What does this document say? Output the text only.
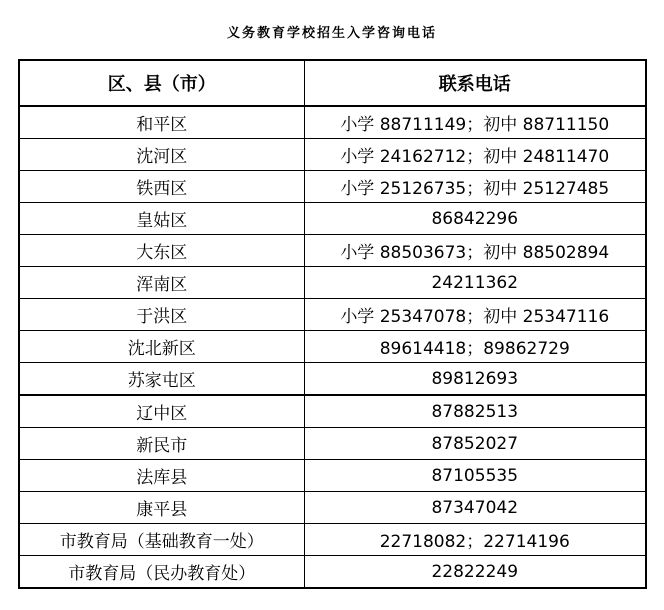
义务教育学校招生入学咨询电话
区、县（市）	联系电话
和平区	小学 88711149；初中 88711150
沈河区	小学 24162712；初中 24811470
铁西区	小学 25126735；初中 25127485
皇姑区	86842296
大东区	小学 88503673；初中 88502894
浑南区	24211362
于洪区	小学 25347078；初中 25347116
沈北新区	89614418；89862729
苏家屯区	89812693
辽中区	87882513
新民市	87852027
法库县	87105535
康平县	87347042
市教育局（基础教育一处）	22718082；22714196
市教育局（民办教育处）	22822249
